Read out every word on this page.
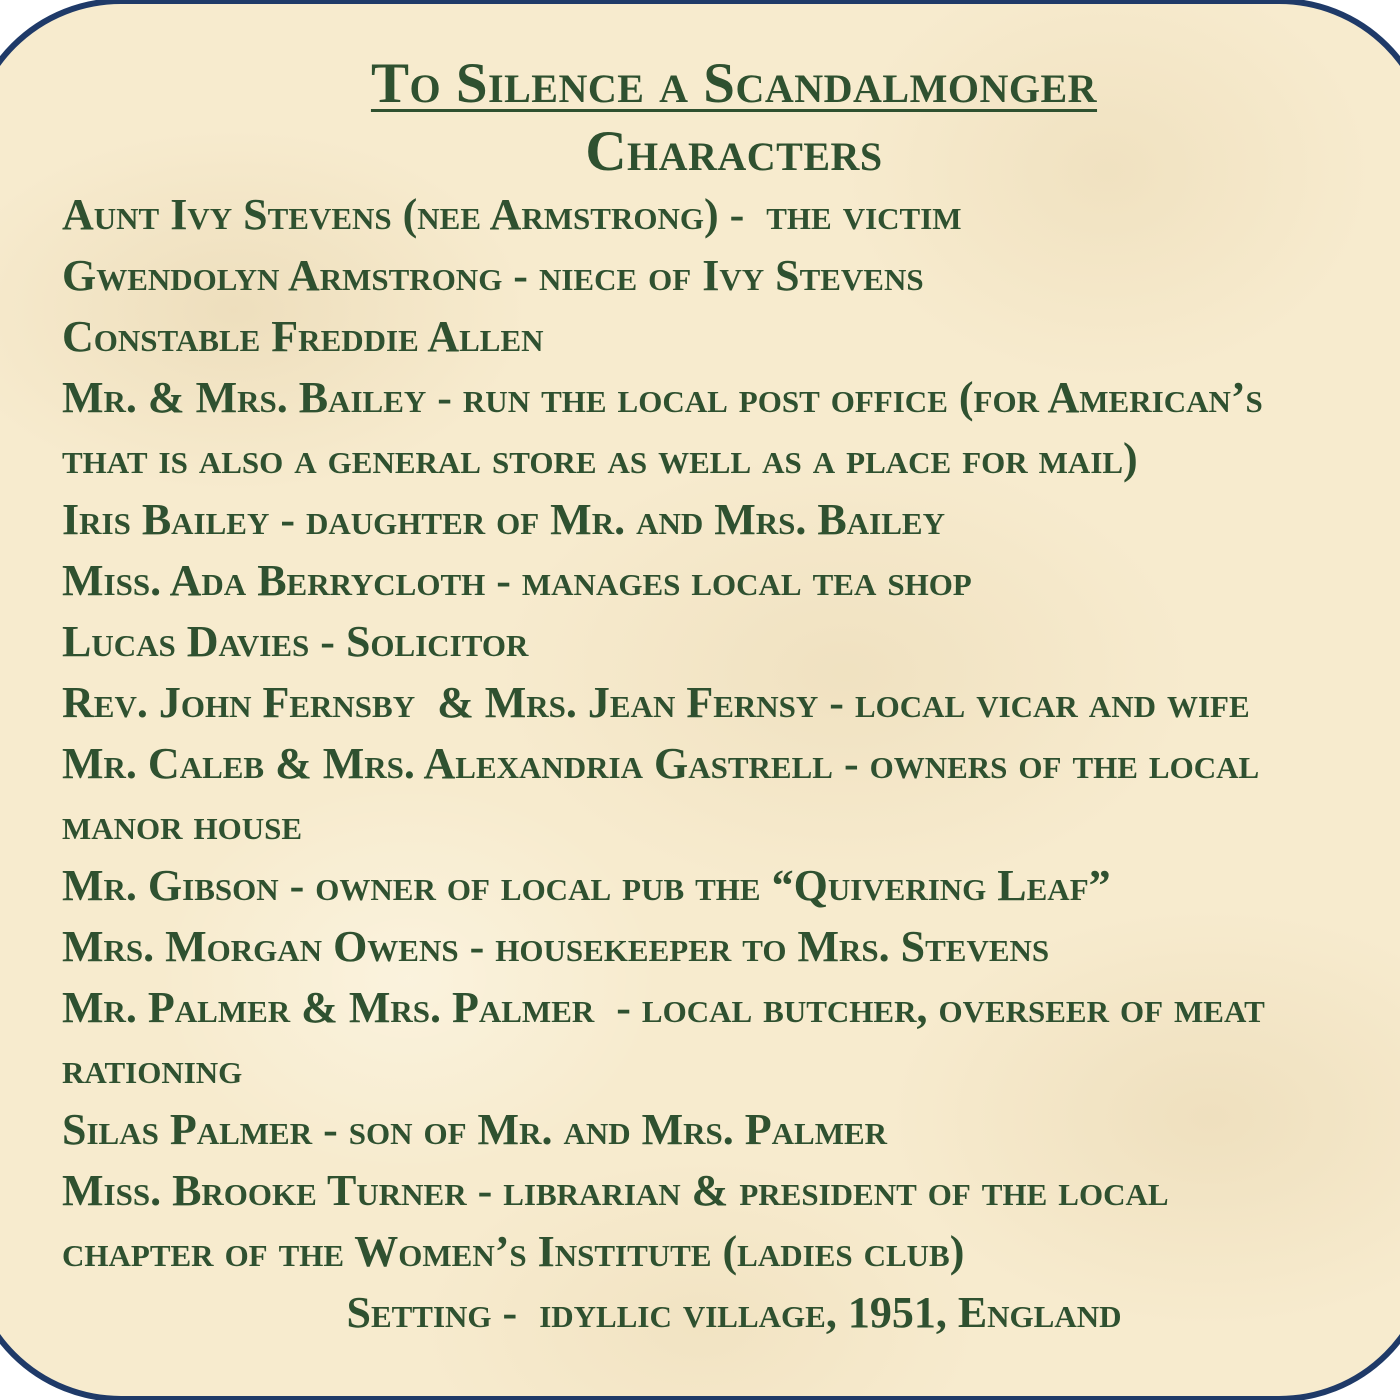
To Silence a Scandalmonger
Characters
Aunt Ivy Stevens (nee Armstrong) -  the victim
Gwendolyn Armstrong - niece of Ivy Stevens
Constable Freddie Allen
Mr. & Mrs. Bailey - run the local post office (for American’s
that is also a general store as well as a place for mail)
Iris Bailey - daughter of Mr. and Mrs. Bailey
Miss. Ada Berrycloth - manages local tea shop
Lucas Davies - Solicitor
Rev. John Fernsby  & Mrs. Jean Fernsy - local vicar and wife
Mr. Caleb & Mrs. Alexandria Gastrell - owners of the local
manor house
Mr. Gibson - owner of local pub the “Quivering Leaf”
Mrs. Morgan Owens - housekeeper to Mrs. Stevens
Mr. Palmer & Mrs. Palmer  - local butcher, overseer of meat
rationing
Silas Palmer - son of Mr. and Mrs. Palmer
Miss. Brooke Turner - librarian & president of the local
chapter of the Women’s Institute (ladies club)
Setting -  idyllic village, 1951, England
